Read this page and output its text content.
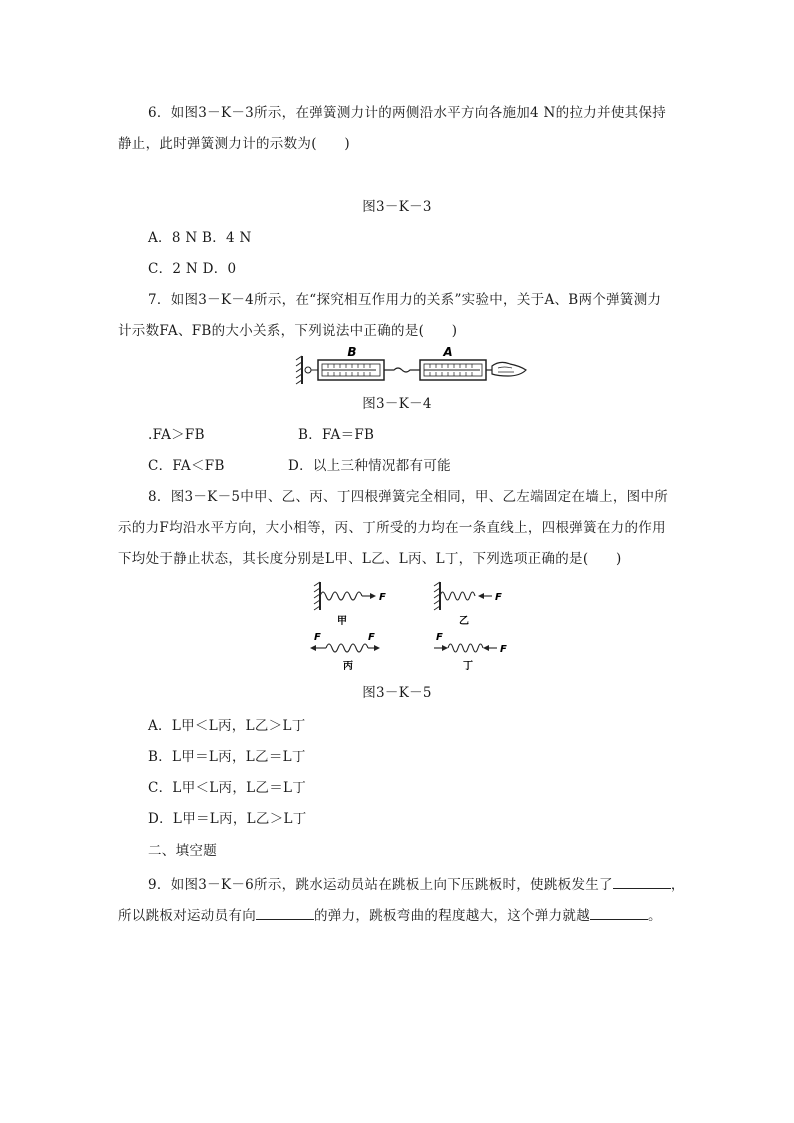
6．如图3－K－3所示，在弹簧测力计的两侧沿水平方向各施加4 N的拉力并使其保持
静止，此时弹簧测力计的示数为(　　)
图3－K－3
A．8 N B．4 N
C．2 N D．0
7．如图3－K－4所示，在“探究相互作用力的关系”实验中，关于A、B两个弹簧测力
计示数FA、FB的大小关系，下列说法中正确的是(　　)
B	A
图3－K－4
.FA＞FB	B．FA＝FB
C．FA＜FB	D．以上三种情况都有可能
8．图3－K－5中甲、乙、丙、丁四根弹簧完全相同，甲、乙左端固定在墙上，图中所
示的力F均沿水平方向，大小相等，丙、丁所受的力均在一条直线上，四根弹簧在力的作用
下均处于静止状态，其长度分别是L甲、L乙、L丙、L丁，下列选项正确的是(　　)
F
甲
F
乙
F	F
丙
F
F
丁
图3－K－5
A．L甲＜L丙，L乙＞L丁
B．L甲＝L丙，L乙＝L丁
C．L甲＜L丙，L乙＝L丁
D．L甲＝L丙，L乙＞L丁
二、填空题
9．如图3－K－6所示，跳水运动员站在跳板上向下压跳板时，使跳板发生了	，
所以跳板对运动员有向	的弹力，跳板弯曲的程度越大，这个弹力就越	。
